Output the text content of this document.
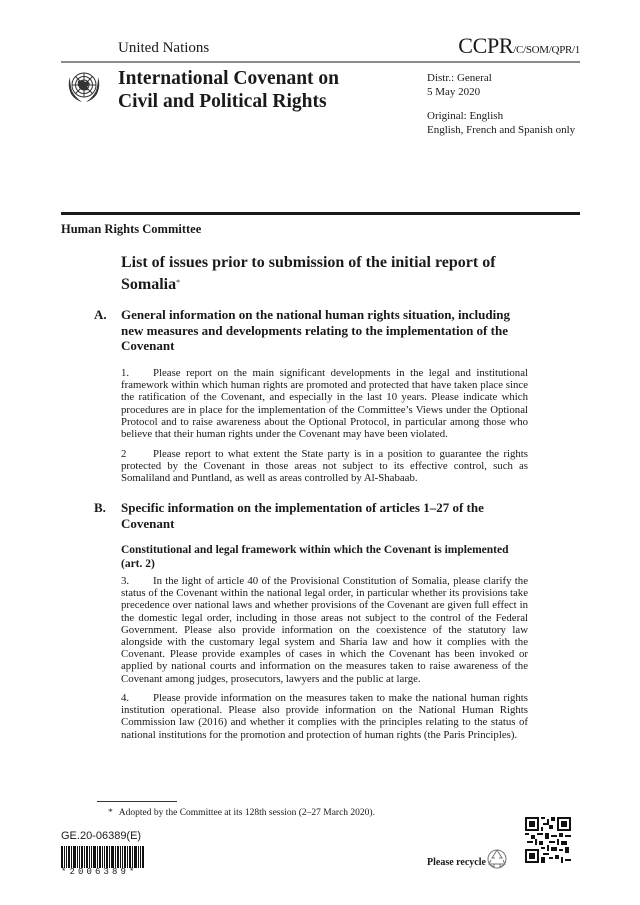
United Nations	CCPR/C/SOM/QPR/1
International Covenant on
Civil and Political Rights
Distr.: General
5 May 2020
Original: English
English, French and Spanish only
Human Rights Committee
List of issues prior to submission of the initial report of Somalia*
A. General information on the national human rights situation, including new measures and developments relating to the implementation of the Covenant
1. Please report on the main significant developments in the legal and institutional framework within which human rights are promoted and protected that have taken place since the ratification of the Covenant, and especially in the last 10 years. Please indicate which procedures are in place for the implementation of the Committee’s Views under the Optional Protocol and to raise awareness about the Optional Protocol, in particular among those who believe that their human rights under the Covenant may have been violated.
2 Please report to what extent the State party is in a position to guarantee the rights protected by the Covenant in those areas not subject to its effective control, such as Somaliland and Puntland, as well as areas controlled by Al-Shabaab.
B. Specific information on the implementation of articles 1–27 of the Covenant
Constitutional and legal framework within which the Covenant is implemented (art. 2)
3. In the light of article 40 of the Provisional Constitution of Somalia, please clarify the status of the Covenant within the national legal order, in particular whether its provisions take precedence over national laws and whether provisions of the Covenant are given full effect in the domestic legal order, including in those areas not subject to the control of the Federal Government. Please also provide information on the coexistence of the statutory law alongside with the customary legal system and Sharia law and how it complies with the Covenant. Please provide examples of cases in which the Covenant has been invoked or applied by national courts and information on the measures taken to raise awareness of the Covenant among judges, prosecutors, lawyers and the public at large.
4. Please provide information on the measures taken to make the national human rights institution operational. Please also provide information on the National Human Rights Commission law (2016) and whether it complies with the principles relating to the status of national institutions for the promotion and protection of human rights (the Paris Principles).
* Adopted by the Committee at its 128th session (2–27 March 2020).
GE.20-06389(E)
*2006389*
Please recycle
